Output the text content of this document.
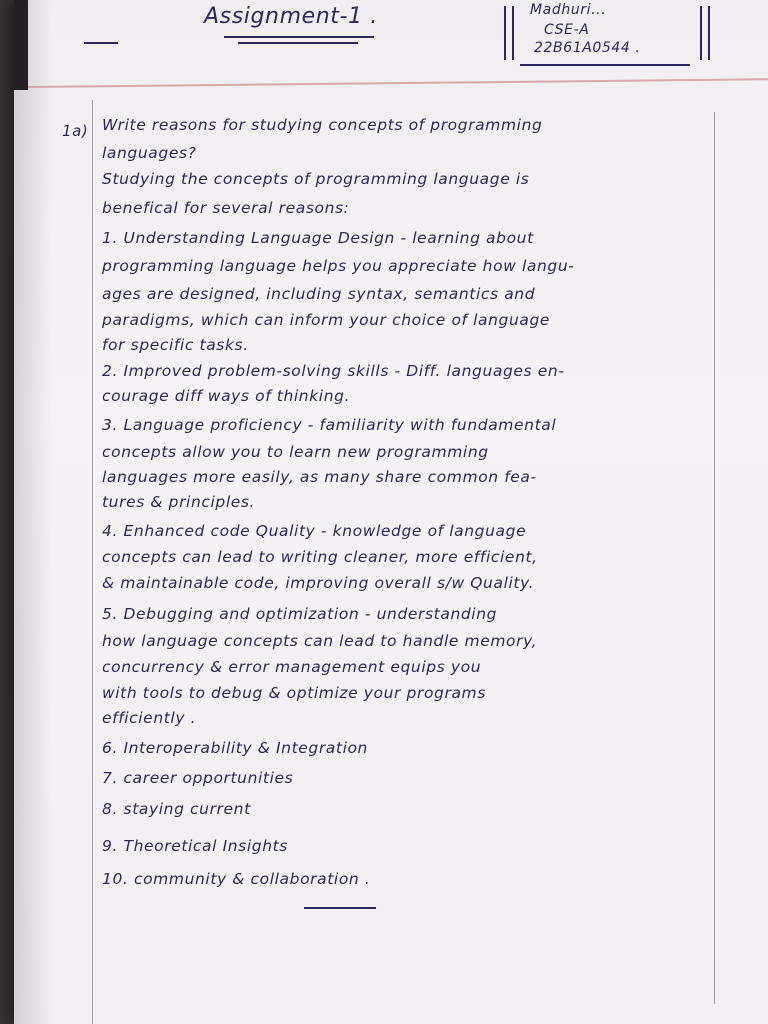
Assignment-1 .	Madhuri...
CSE-A
22B61A0544 .
1a) Write reasons for studying concepts of programming
languages?
Studying the concepts of programming language is
benefical for several reasons:
1. Understanding Language Design - learning about
programming language helps you appreciate how langu-
ages are designed, including syntax, semantics and
paradigms, which can inform your choice of language
for specific tasks.
2. Improved problem-solving skills - Diff. languages en-
courage diff ways of thinking.
3. Language proficiency - familiarity with fundamental
concepts allow you to learn new programming
languages more easily, as many share common fea-
tures & principles.
4. Enhanced code Quality - knowledge of language
concepts can lead to writing cleaner, more efficient,
& maintainable code, improving overall s/w Quality.
5. Debugging and optimization - understanding
how language concepts can lead to handle memory,
concurrency & error management equips you
with tools to debug & optimize your programs
efficiently .
6. Interoperability & Integration
7. career opportunities
8. staying current
9. Theoretical Insights
10. community & collaboration .
